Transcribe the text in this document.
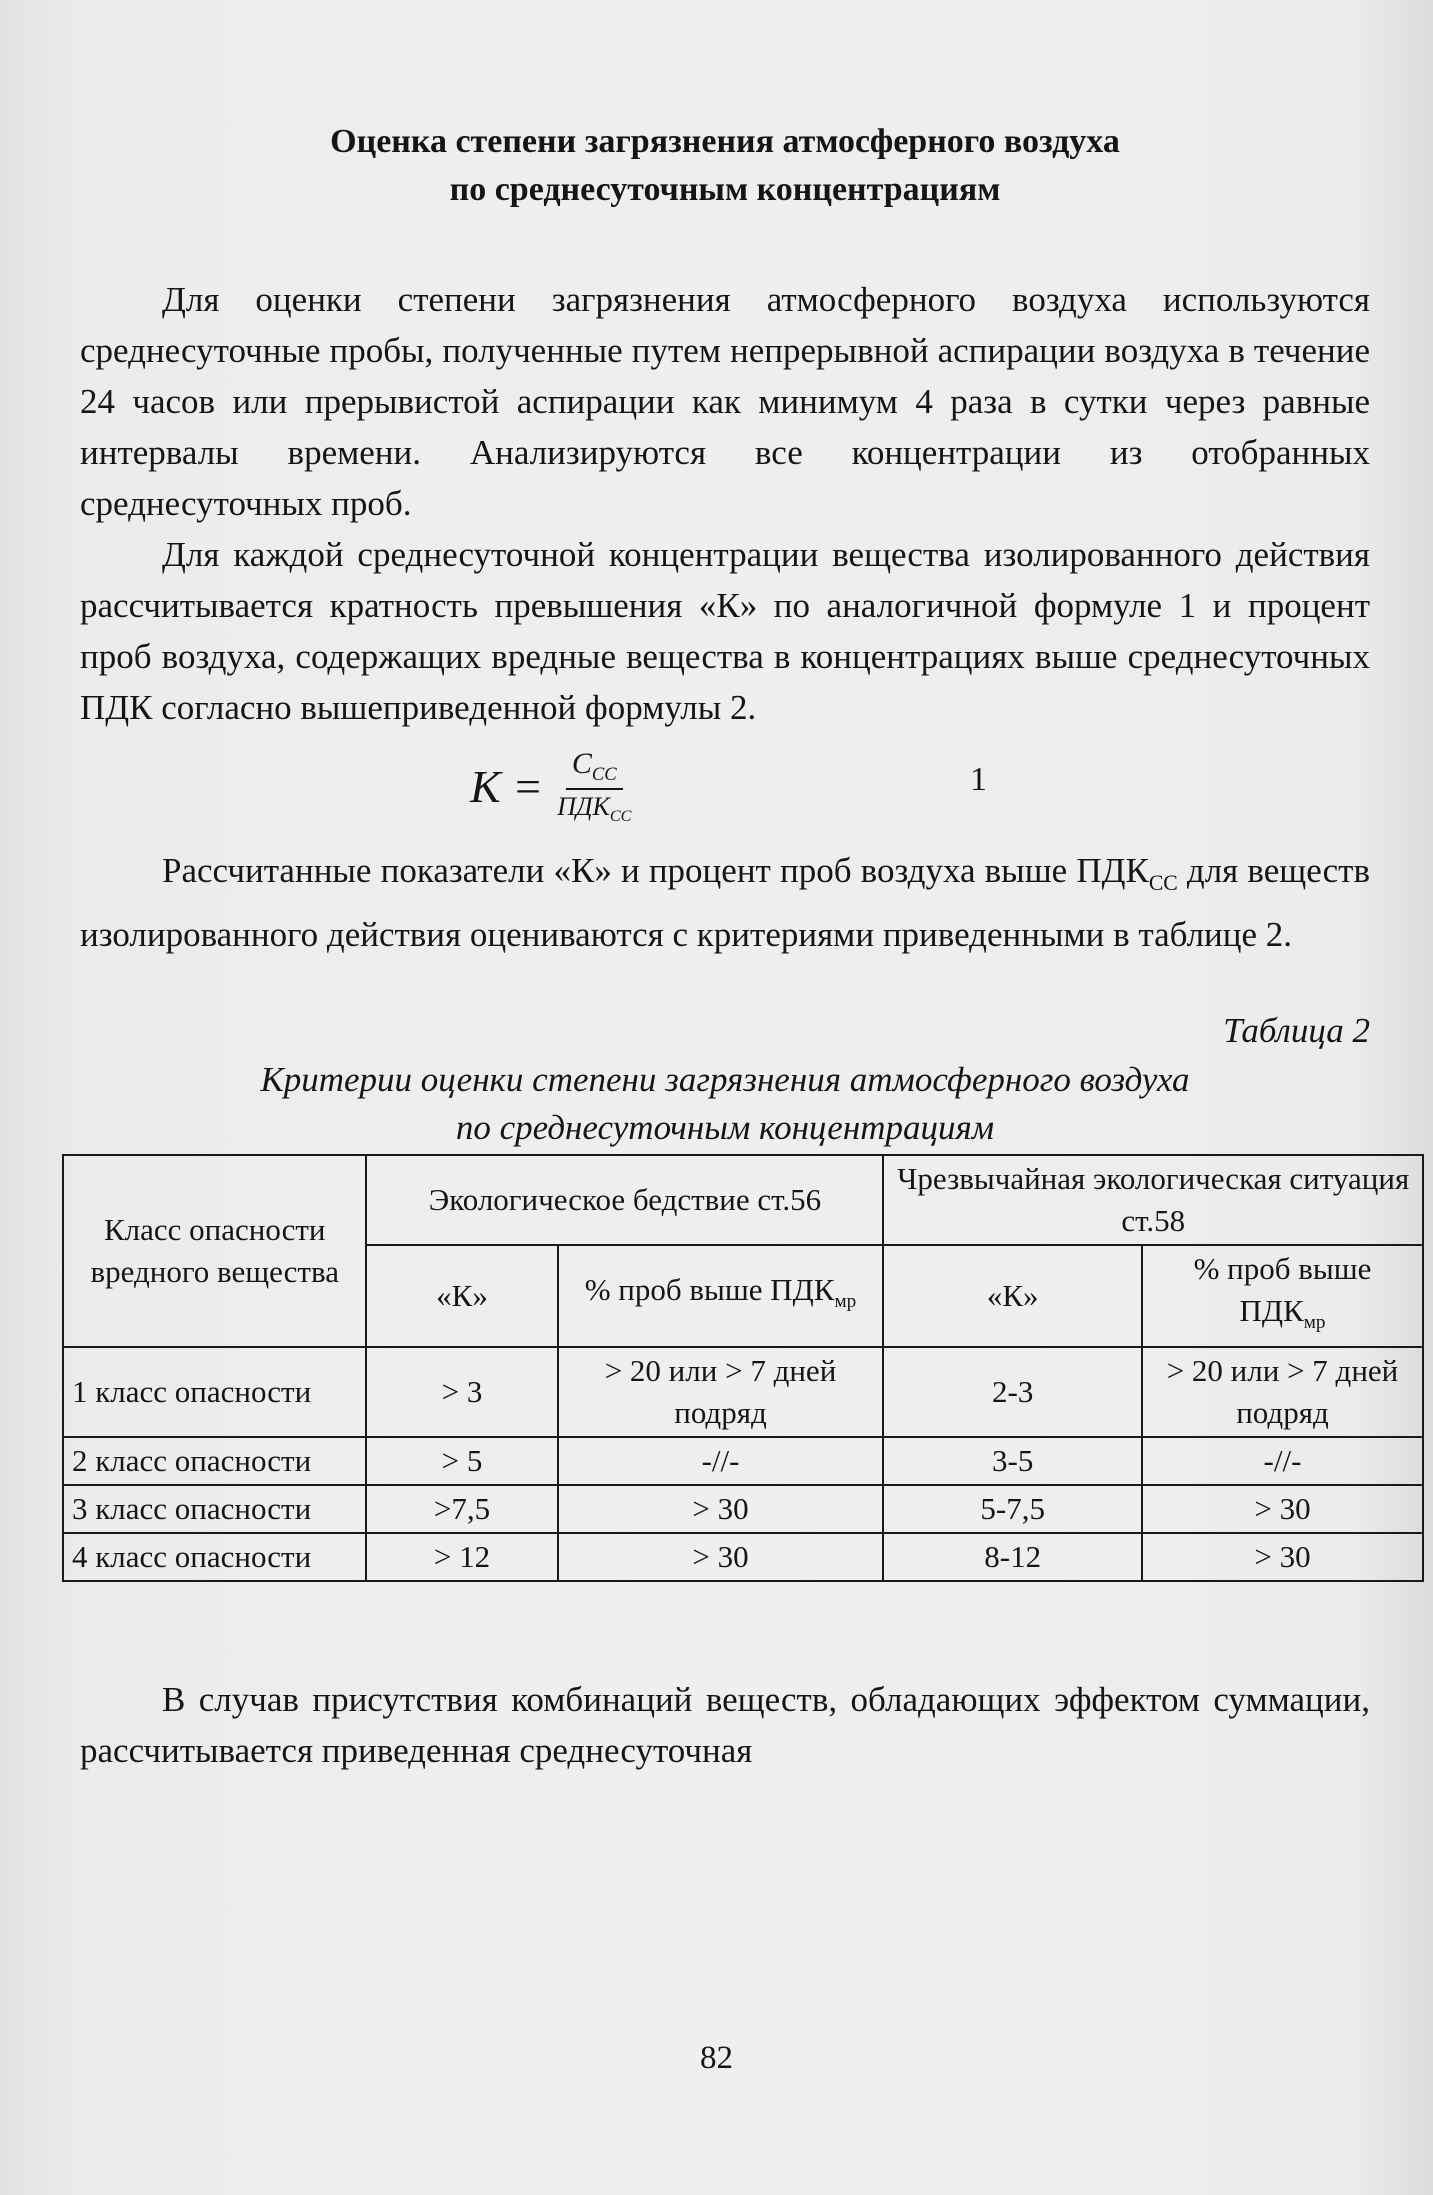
Оценка степени загрязнения атмосферного воздуха

по среднесуточным концентрациям

Для оценки степени загрязнения атмосферного воздуха используются среднесуточные пробы, полученные путем непрерывной аспирации воздуха в течение 24 часов или прерывистой аспирации как минимум 4 раза в сутки через равные интервалы времени. Анализируются все концентрации из отобранных среднесуточных проб.

Для каждой среднесуточной концентрации вещества изолированного действия рассчитывается кратность превышения «К» по аналогичной формуле 1 и процент проб воздуха, содержащих вредные вещества в концентрациях выше среднесуточных ПДК согласно вышеприведенной формулы 2.

$K = \frac{C_{CC}}{ПДК_{CC}}$	1

Рассчитанные показатели «К» и процент проб воздуха выше $ПДК_{CC}$ для веществ изолированного действия оцениваются с критериями приведенными в таблице 2.

Таблица 2
Критерии оценки степени загрязнения атмосферного воздуха
по среднесуточным концентрациям
Класс опасности вредного вещества	Экологическое бедствие ст.56		Чрезвычайная экологическая ситуация ст.58	
	«К»	% проб выше $ПДК_{мр}$	«К»	% проб выше $ПДК_{мр}$
1 класс опасности	> 3	> 20 или > 7 дней подряд	2-3	> 20 или > 7 дней подряд
2 класс опасности	> 5	-//-	3-5	-//-
3 класс опасности	>7,5	> 30	5-7,5	> 30
4 класс опасности	> 12	> 30	8-12	> 30

В случав присутствия комбинаций веществ, обладающих эффектом суммации, рассчитывается приведенная среднесуточная

82
